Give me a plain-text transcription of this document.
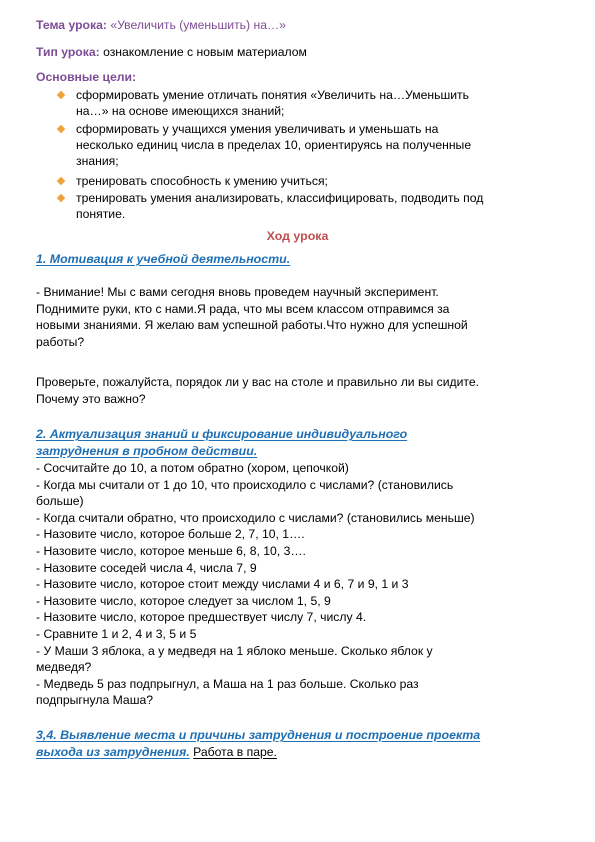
Тема урока: «Увеличить (уменьшить) на…»
Тип урока: ознакомление с новым материалом
Основные цели:
сформировать умение отличать понятия «Увеличить на…Уменьшить
на…» на основе имеющихся знаний;
сформировать у учащихся умения увеличивать и уменьшать на
несколько единиц числа в пределах 10, ориентируясь на полученные
знания;
тренировать способность к умению учиться;
тренировать умения анализировать, классифицировать, подводить под
понятие.
Ход урока
1. Мотивация к учебной деятельности.
- Внимание! Мы с вами сегодня вновь проведем научный эксперимент.
Поднимите руки, кто с нами.Я рада, что мы всем классом отправимся за
новыми знаниями. Я желаю вам успешной работы.Что нужно для успешной
работы?
Проверьте, пожалуйста, порядок ли у вас на столе и правильно ли вы сидите.
Почему это важно?
2. Актуализация знаний и фиксирование индивидуального
затруднения в пробном действии.
- Сосчитайте до 10, а потом обратно (хором, цепочкой)
- Когда мы считали от 1 до 10, что происходило с числами? (становились
больше)
- Когда считали обратно, что происходило с числами? (становились меньше)
- Назовите число, которое больше 2, 7, 10, 1….
- Назовите число, которое меньше 6, 8, 10, 3….
- Назовите соседей числа 4, числа 7, 9
- Назовите число, которое стоит между числами 4 и 6, 7 и 9, 1 и 3
- Назовите число, которое следует за числом 1, 5, 9
- Назовите число, которое предшествует числу 7, числу 4.
- Сравните 1 и 2, 4 и 3, 5 и 5
- У Маши 3 яблока, а у медведя на 1 яблоко меньше. Сколько яблок у
медведя?
- Медведь 5 раз подпрыгнул, а Маша на 1 раз больше. Сколько раз
подпрыгнула Маша?
3,4. Выявление места и причины затруднения и построение проекта
выхода из затруднения. Работа в паре.
